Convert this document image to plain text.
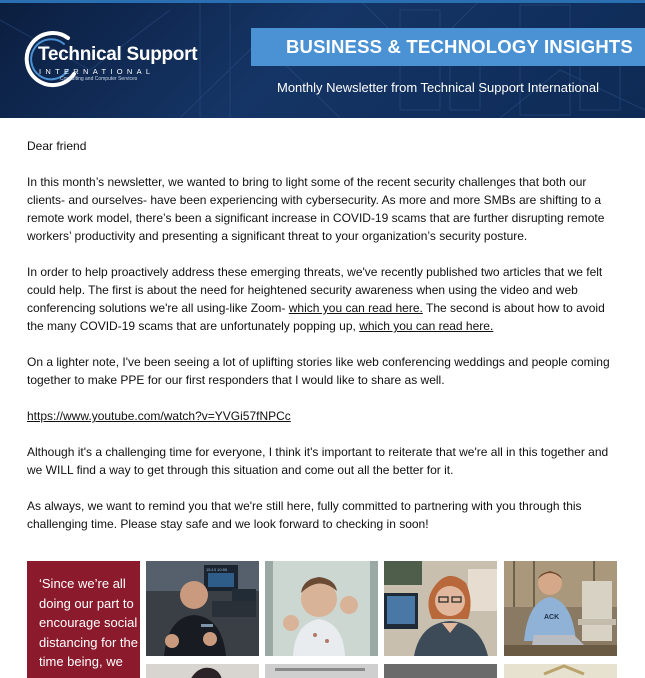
Technical Support
INTERNATIONAL
Consulting and Computer Services
BUSINESS & TECHNOLOGY INSIGHTS
Monthly Newsletter from Technical Support International

Dear friend

In this month’s newsletter, we wanted to bring to light some of the recent security challenges that both our clients- and ourselves- have been experiencing with cybersecurity. As more and more SMBs are shifting to a remote work model, there’s been a significant increase in COVID-19 scams that are further disrupting remote workers’ productivity and presenting a significant threat to your organization’s security posture.

In order to help proactively address these emerging threats, we've recently published two articles that we felt could help. The first is about the need for heightened security awareness when using the video and web conferencing solutions we're all using-like Zoom- which you can read here. The second is about how to avoid the many COVID-19 scams that are unfortunately popping up, which you can read here.

On a lighter note, I've been seeing a lot of uplifting stories like web conferencing weddings and people coming together to make PPE for our first responders that I would like to share as well.

https://www.youtube.com/watch?v=YVGi57fNPCc

Although it's a challenging time for everyone, I think it's important to reiterate that we're all in this together and we WILL find a way to get through this situation and come out all the better for it.

As always, we want to remind you that we're still here, fully committed to partnering with you through this challenging time. Please stay safe and we look forward to checking in soon!

‘Since we’re all doing our part to encourage social distancing for the time being, we
15:13 10:55
ACK
